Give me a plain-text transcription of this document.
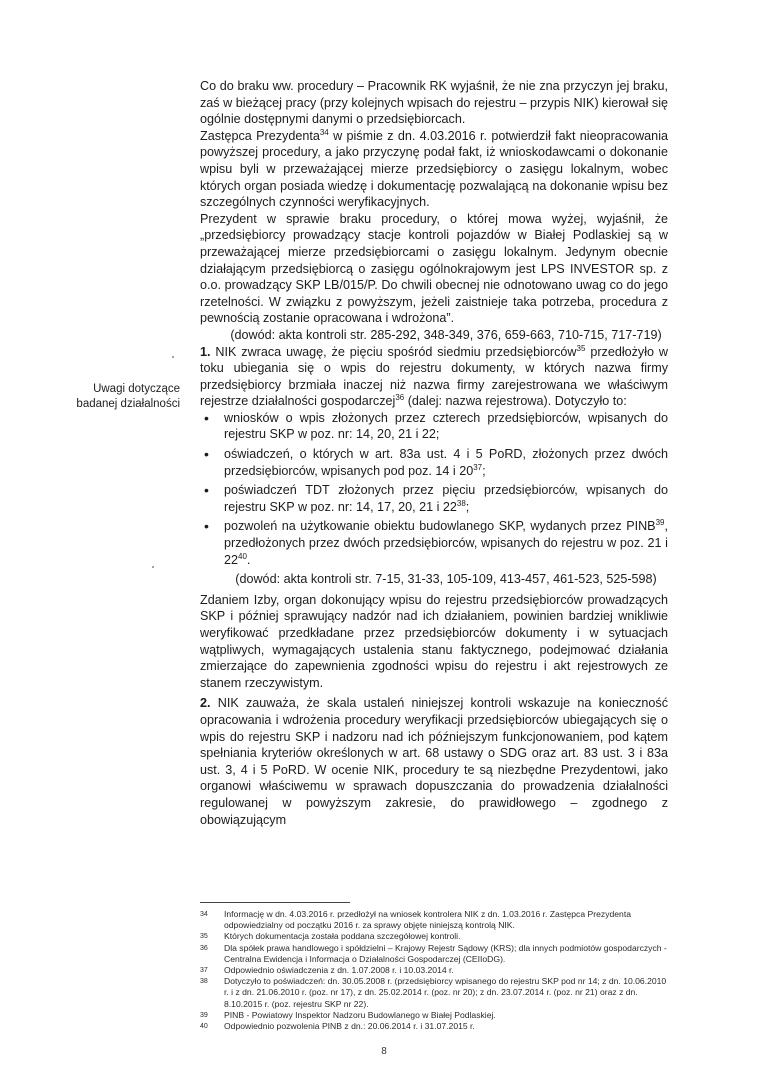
Uwagi dotyczące badanej działalności

Co do braku ww. procedury – Pracownik RK wyjaśnił, że nie zna przyczyn jej braku, zaś w bieżącej pracy (przy kolejnych wpisach do rejestru – przypis NIK) kierował się ogólnie dostępnymi danymi o przedsiębiorcach.

Zastępca Prezydenta$^{34}$ w piśmie z dn. 4.03.2016 r. potwierdził fakt nieopracowania powyższej procedury, a jako przyczynę podał fakt, iż wnioskodawcami o dokonanie wpisu byli w przeważającej mierze przedsiębiorcy o zasięgu lokalnym, wobec których organ posiada wiedzę i dokumentację pozwalającą na dokonanie wpisu bez szczególnych czynności weryfikacyjnych.

Prezydent w sprawie braku procedury, o której mowa wyżej, wyjaśnił, że „przedsiębiorcy prowadzący stacje kontroli pojazdów w Białej Podlaskiej są w przeważającej mierze przedsiębiorcami o zasięgu lokalnym. Jedynym obecnie działającym przedsiębiorcą o zasięgu ogólnokrajowym jest LPS INVESTOR sp. z o.o. prowadzący SKP LB/015/P. Do chwili obecnej nie odnotowano uwag co do jego rzetelności. W związku z powyższym, jeżeli zaistnieje taka potrzeba, procedura z pewnością zostanie opracowana i wdrożona”.

(dowód: akta kontroli str. 285-292, 348-349, 376, 659-663, 710-715, 717-719)

1. NIK zwraca uwagę, że pięciu spośród siedmiu przedsiębiorców$^{35}$ przedłożyło w toku ubiegania się o wpis do rejestru dokumenty, w których nazwa firmy przedsiębiorcy brzmiała inaczej niż nazwa firmy zarejestrowana we właściwym rejestrze działalności gospodarczej$^{36}$ (dalej: nazwa rejestrowa). Dotyczyło to:

• wniosków o wpis złożonych przez czterech przedsiębiorców, wpisanych do rejestru SKP w poz. nr: 14, 20, 21 i 22;
• oświadczeń, o których w art. 83a ust. 4 i 5 PoRD, złożonych przez dwóch przedsiębiorców, wpisanych pod poz. 14 i $20^{37}$;
• poświadczeń TDT złożonych przez pięciu przedsiębiorców, wpisanych do rejestru SKP w poz. nr: 14, 17, 20, 21 i $22^{38}$;
• pozwoleń na użytkowanie obiektu budowlanego SKP, wydanych przez PINB$^{39}$, przedłożonych przez dwóch przedsiębiorców, wpisanych do rejestru w poz. 21 i $22^{40}$.

(dowód: akta kontroli str. 7-15, 31-33, 105-109, 413-457, 461-523, 525-598)

Zdaniem Izby, organ dokonujący wpisu do rejestru przedsiębiorców prowadzących SKP i później sprawujący nadzór nad ich działaniem, powinien bardziej wnikliwie weryfikować przedkładane przez przedsiębiorców dokumenty i w sytuacjach wątpliwych, wymagających ustalenia stanu faktycznego, podejmować działania zmierzające do zapewnienia zgodności wpisu do rejestru i akt rejestrowych ze stanem rzeczywistym.

2. NIK zauważa, że skala ustaleń niniejszej kontroli wskazuje na konieczność opracowania i wdrożenia procedury weryfikacji przedsiębiorców ubiegających się o wpis do rejestru SKP i nadzoru nad ich późniejszym funkcjonowaniem, pod kątem spełniania kryteriów określonych w art. 68 ustawy o SDG oraz art. 83 ust. 3 i 83a ust. 3, 4 i 5 PoRD. W ocenie NIK, procedury te są niezbędne Prezydentowi, jako organowi właściwemu w sprawach dopuszczania do prowadzenia działalności regulowanej w powyższym zakresie, do prawidłowego – zgodnego z obowiązującym

34 Informację w dn. 4.03.2016 r. przedłożył na wniosek kontrolera NIK z dn. 1.03.2016 r. Zastępca Prezydenta odpowiedzialny od początku 2016 r. za sprawy objęte niniejszą kontrolą NIK.

35 Których dokumentacja została poddana szczegółowej kontroli.

36 Dla spółek prawa handlowego i spółdzielni – Krajowy Rejestr Sądowy (KRS); dla innych podmiotów gospodarczych - Centralna Ewidencja i Informacja o Działalności Gospodarczej (CEIIoDG).

37 Odpowiednio oświadczenia z dn. 1.07.2008 r. i 10.03.2014 r.

38 Dotyczyło to poświadczeń: dn. 30.05.2008 r. (przedsiębiorcy wpisanego do rejestru SKP pod nr 14; z dn. 10.06.2010 r. i z dn. 21.06.2010 r. (poz. nr 17), z dn. 25.02.2014 r. (poz. nr 20); z dn. 23.07.2014 r. (poz. nr 21) oraz z dn. 8.10.2015 r. (poz. rejestru SKP nr 22).

39 PINB - Powiatowy Inspektor Nadzoru Budowlanego w Białej Podlaskiej.

40 Odpowiednio pozwolenia PINB z dn.: 20.06.2014 r. i 31.07.2015 r.

8
